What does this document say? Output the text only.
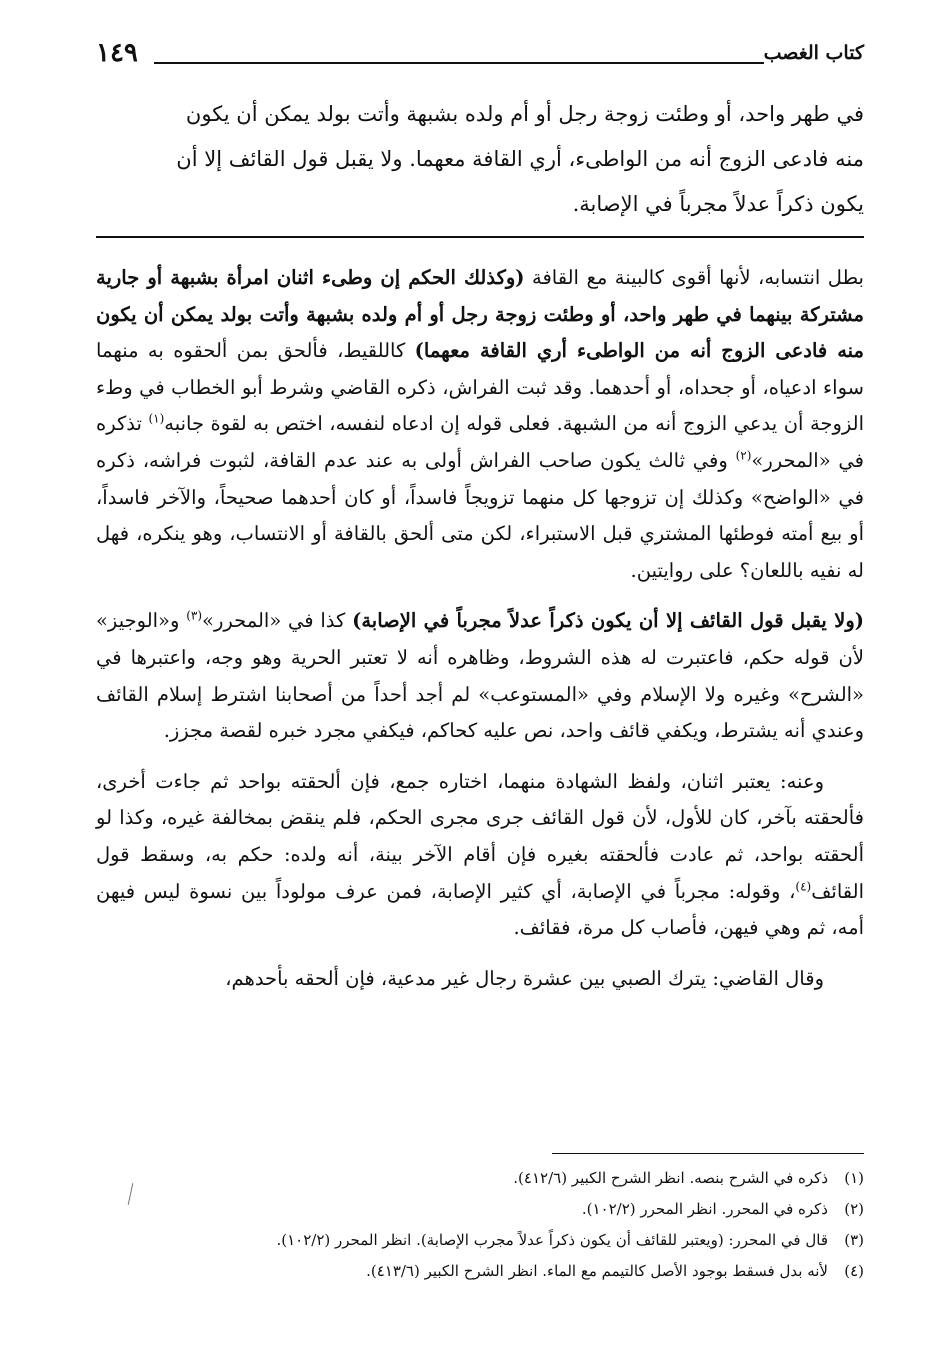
كتاب الغصب
١٤٩
في طهر واحد، أو وطئت زوجة رجل أو أم ولده بشبهة وأتت بولد يمكن أن يكون
منه فادعى الزوج أنه من الواطىء، أري القافة معهما. ولا يقبل قول القائف إلا أن
يكون ذكراً عدلاً مجرباً في الإصابة.

بطل انتسابه، لأنها أقوى كالبينة مع القافة (وكذلك الحكم إن وطىء اثنان امرأة بشبهة أو جارية مشتركة بينهما في طهر واحد، أو وطئت زوجة رجل أو أم ولده بشبهة وأتت بولد يمكن أن يكون منه فادعى الزوج أنه من الواطىء أري القافة معهما) كاللقيط، فألحق بمن ألحقوه به منهما سواء ادعياه، أو جحداه، أو أحدهما. وقد ثبت الفراش، ذكره القاضي وشرط أبو الخطاب في وطء الزوجة أن يدعي الزوج أنه من الشبهة. فعلى قوله إن ادعاه لنفسه، اختص به لقوة جانبه$^{(١)}$ تذكره في «المحرر»$^{(٢)}$ وفي ثالث يكون صاحب الفراش أولى به عند عدم القافة، لثبوت فراشه، ذكره في «الواضح» وكذلك إن تزوجها كل منهما تزويجاً فاسداً، أو كان أحدهما صحيحاً، والآخر فاسداً، أو بيع أمته فوطئها المشتري قبل الاستبراء، لكن متى ألحق بالقافة أو الانتساب، وهو ينكره، فهل له نفيه باللعان؟ على روايتين.

(ولا يقبل قول القائف إلا أن يكون ذكراً عدلاً مجرباً في الإصابة) كذا في «المحرر»$^{(٣)}$ و«الوجيز» لأن قوله حكم، فاعتبرت له هذه الشروط، وظاهره أنه لا تعتبر الحرية وهو وجه، واعتبرها في «الشرح» وغيره ولا الإسلام وفي «المستوعب» لم أجد أحداً من أصحابنا اشترط إسلام القائف وعندي أنه يشترط، ويكفي قائف واحد، نص عليه كحاكم، فيكفي مجرد خبره لقصة مجزز.

وعنه: يعتبر اثنان، ولفظ الشهادة منهما، اختاره جمع، فإن ألحقته بواحد ثم جاءت أخرى، فألحقته بآخر، كان للأول، لأن قول القائف جرى مجرى الحكم، فلم ينقض بمخالفة غيره، وكذا لو ألحقته بواحد، ثم عادت فألحقته بغيره فإن أقام الآخر بينة، أنه ولده: حكم به، وسقط قول القائف$^{(٤)}$، وقوله: مجرباً في الإصابة، أي كثير الإصابة، فمن عرف مولوداً بين نسوة ليس فيهن أمه، ثم وهي فيهن، فأصاب كل مرة، فقائف.

وقال القاضي: يترك الصبي بين عشرة رجال غير مدعية، فإن ألحقه بأحدهم،

(١)
ذكره في الشرح بنصه. انظر الشرح الكبير (٤١٢/٦).
(٢)
ذكره في المحرر. انظر المحرر (١٠٢/٢).
(٣)
قال في المحرر: (ويعتبر للقائف أن يكون ذكراً عدلاً مجرب الإصابة). انظر المحرر (١٠٢/٢).
(٤)
لأنه بدل فسقط بوجود الأصل كالتيمم مع الماء. انظر الشرح الكبير (٤١٣/٦).
